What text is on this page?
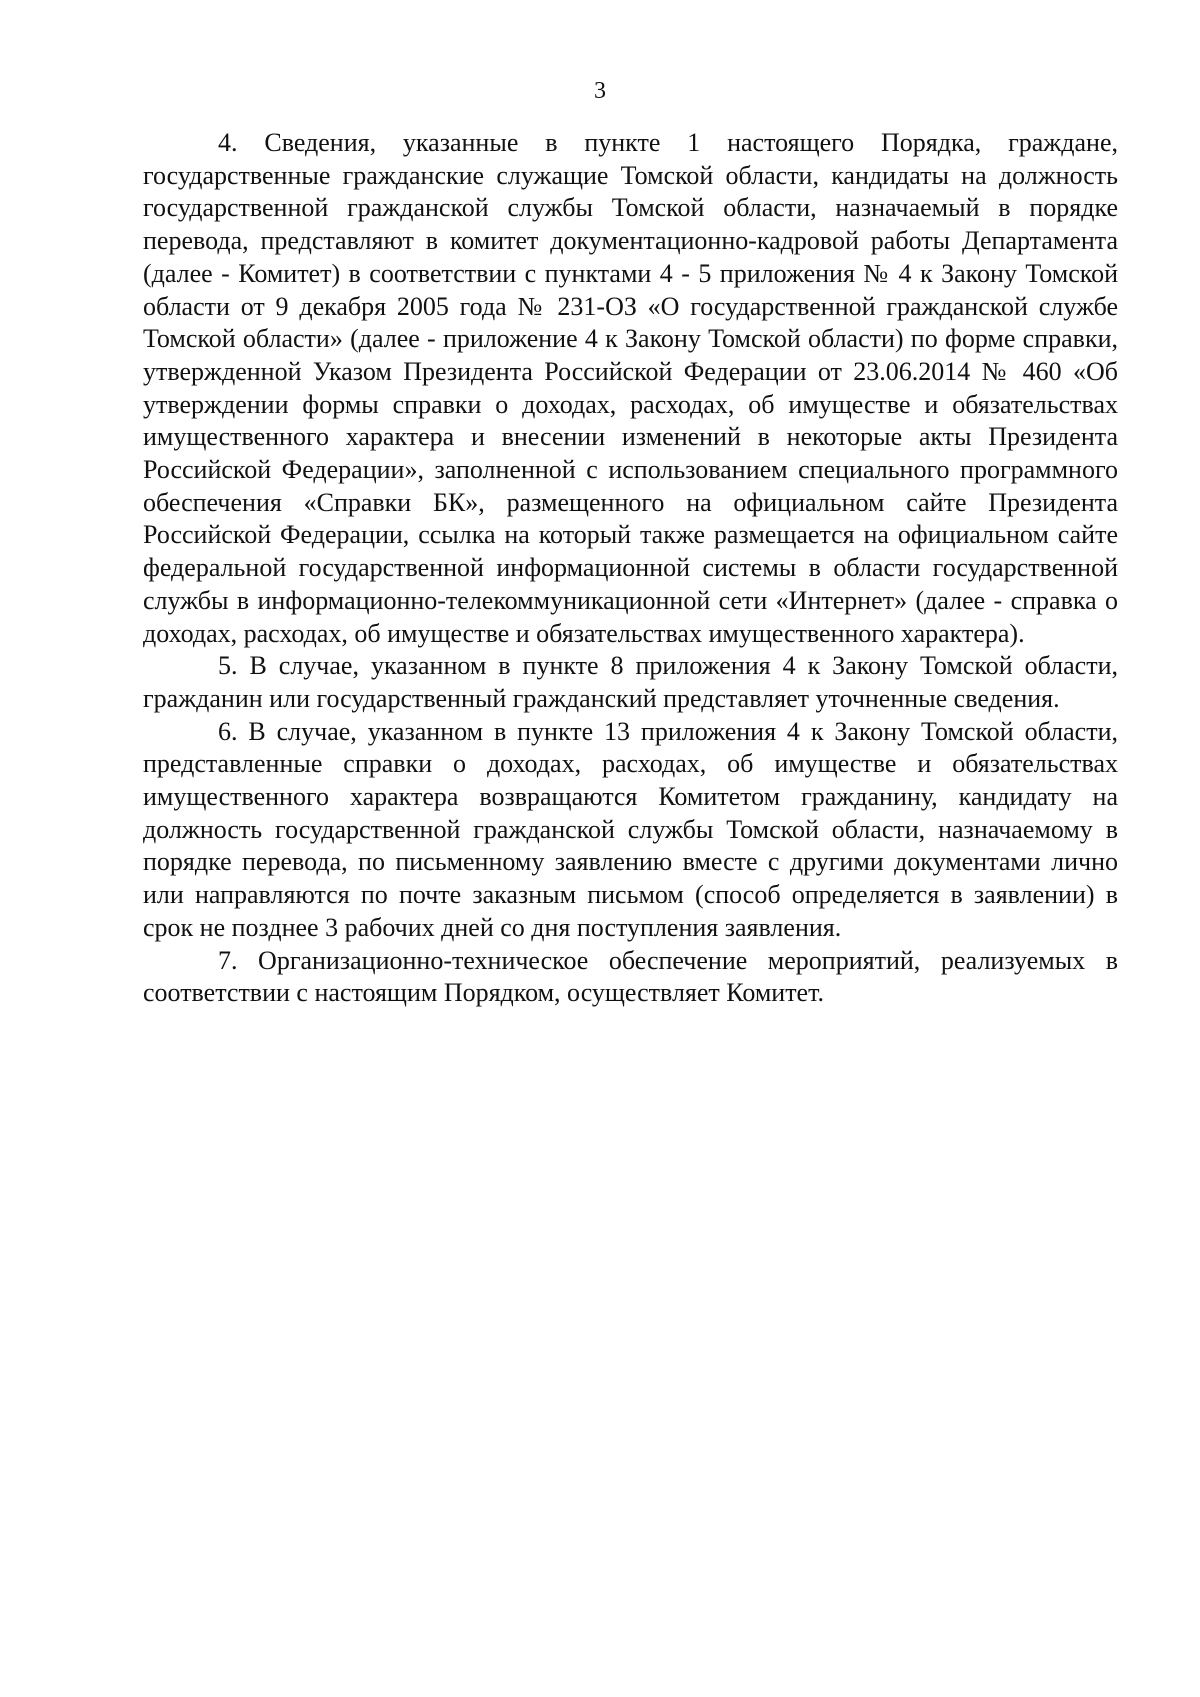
3

4. Сведения, указанные в пункте 1 настоящего Порядка, граждане, государственные гражданские служащие Томской области, кандидаты на должность государственной гражданской службы Томской области, назначаемый в порядке перевода, представляют в комитет документационно-кадровой работы Департамента (далее - Комитет) в соответствии с пунктами 4 - 5 приложения № 4 к Закону Томской области от 9 декабря 2005 года № 231-ОЗ «О государственной гражданской службе Томской области» (далее - приложение 4 к Закону Томской области) по форме справки, утвержденной Указом Президента Российской Федерации от 23.06.2014 № 460 «Об утверждении формы справки о доходах, расходах, об имуществе и обязательствах имущественного характера и внесении изменений в некоторые акты Президента Российской Федерации», заполненной с использованием специального программного обеспечения «Справки БК», размещенного на официальном сайте Президента Российской Федерации, ссылка на который также размещается на официальном сайте федеральной государственной информационной системы в области государственной службы в информационно-телекоммуникационной сети «Интернет» (далее - справка о доходах, расходах, об имуществе и обязательствах имущественного характера).

5. В случае, указанном в пункте 8 приложения 4 к Закону Томской области, гражданин или государственный гражданский представляет уточненные сведения.

6. В случае, указанном в пункте 13 приложения 4 к Закону Томской области, представленные справки о доходах, расходах, об имуществе и обязательствах имущественного характера возвращаются Комитетом гражданину, кандидату на должность государственной гражданской службы Томской области, назначаемому в порядке перевода, по письменному заявлению вместе с другими документами лично или направляются по почте заказным письмом (способ определяется в заявлении) в срок не позднее 3 рабочих дней со дня поступления заявления.

7. Организационно-техническое обеспечение мероприятий, реализуемых в соответствии с настоящим Порядком, осуществляет Комитет.
